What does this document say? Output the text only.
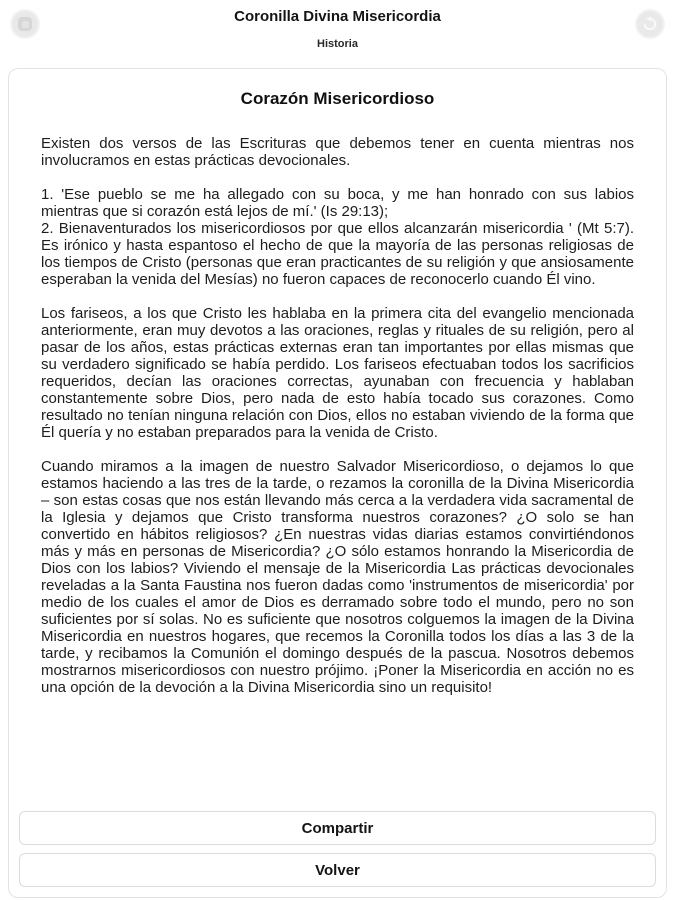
Coronilla Divina Misericordia
Historia
Corazón Misericordioso

Existen dos versos de las Escrituras que debemos tener en cuenta mientras nos involucramos en estas prácticas devocionales.

1. 'Ese pueblo se me ha allegado con su boca, y me han honrado con sus labios mientras que si corazón está lejos de mí.' (Is 29:13);

2. Bienaventurados los misericordiosos por que ellos alcanzarán misericordia ' (Mt 5:7). Es irónico y hasta espantoso el hecho de que la mayoría de las personas religiosas de los tiempos de Cristo (personas que eran practicantes de su religión y que ansiosamente esperaban la venida del Mesías) no fueron capaces de reconocerlo cuando Él vino.

Los fariseos, a los que Cristo les hablaba en la primera cita del evangelio mencionada anteriormente, eran muy devotos a las oraciones, reglas y rituales de su religión, pero al pasar de los años, estas prácticas externas eran tan importantes por ellas mismas que su verdadero significado se había perdido. Los fariseos efectuaban todos los sacrificios requeridos, decían las oraciones correctas, ayunaban con frecuencia y hablaban constantemente sobre Dios, pero nada de esto había tocado sus corazones. Como resultado no tenían ninguna relación con Dios, ellos no estaban viviendo de la forma que Él quería y no estaban preparados para la venida de Cristo.

Cuando miramos a la imagen de nuestro Salvador Misericordioso, o dejamos lo que estamos haciendo a las tres de la tarde, o rezamos la coronilla de la Divina Misericordia – son estas cosas que nos están llevando más cerca a la verdadera vida sacramental de la Iglesia y dejamos que Cristo transforma nuestros corazones? ¿O solo se han convertido en hábitos religiosos? ¿En nuestras vidas diarias estamos convirtiéndonos más y más en personas de Misericordia? ¿O sólo estamos honrando la Misericordia de Dios con los labios? Viviendo el mensaje de la Misericordia Las prácticas devocionales reveladas a la Santa Faustina nos fueron dadas como 'instrumentos de misericordia' por medio de los cuales el amor de Dios es derramado sobre todo el mundo, pero no son suficientes por sí solas. No es suficiente que nosotros colguemos la imagen de la Divina Misericordia en nuestros hogares, que recemos la Coronilla todos los días a las 3 de la tarde, y recibamos la Comunión el domingo después de la pascua. Nosotros debemos mostrarnos misericordiosos con nuestro prójimo. ¡Poner la Misericordia en acción no es una opción de la devoción a la Divina Misericordia sino un requisito!

Compartir
Volver
